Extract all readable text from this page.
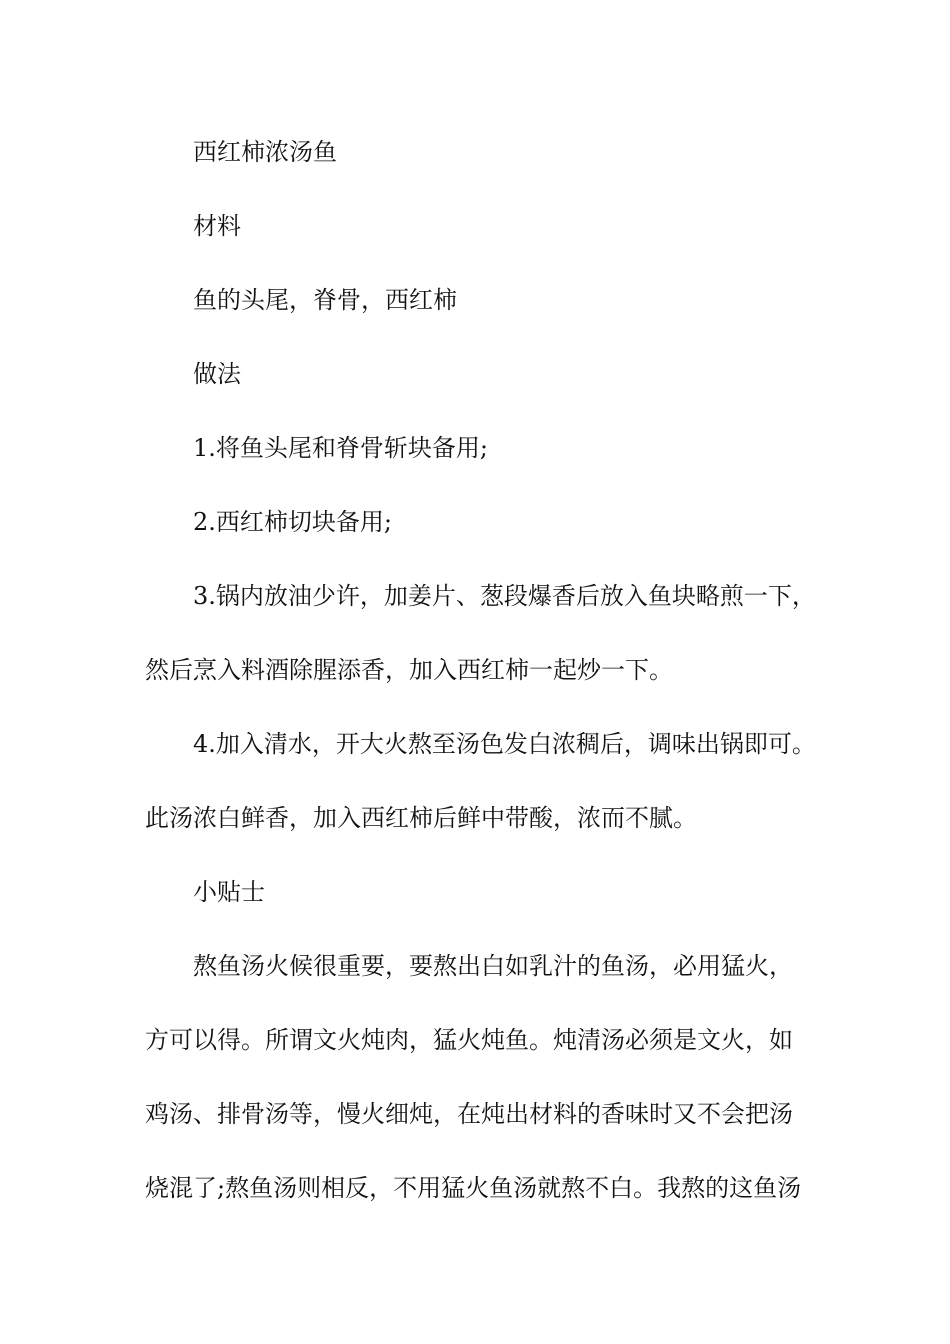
西红柿浓汤鱼
材料
鱼的头尾，脊骨，西红柿
做法
1.将鱼头尾和脊骨斩块备用;
2.西红柿切块备用;
3.锅内放油少许，加姜片、葱段爆香后放入鱼块略煎一下，
然后烹入料酒除腥添香，加入西红柿一起炒一下。
4.加入清水，开大火熬至汤色发白浓稠后，调味出锅即可。
此汤浓白鲜香，加入西红柿后鲜中带酸，浓而不腻。
小贴士
熬鱼汤火候很重要，要熬出白如乳汁的鱼汤，必用猛火，
方可以得。所谓文火炖肉，猛火炖鱼。炖清汤必须是文火，如
鸡汤、排骨汤等，慢火细炖，在炖出材料的香味时又不会把汤
烧混了;熬鱼汤则相反，不用猛火鱼汤就熬不白。我熬的这鱼汤
